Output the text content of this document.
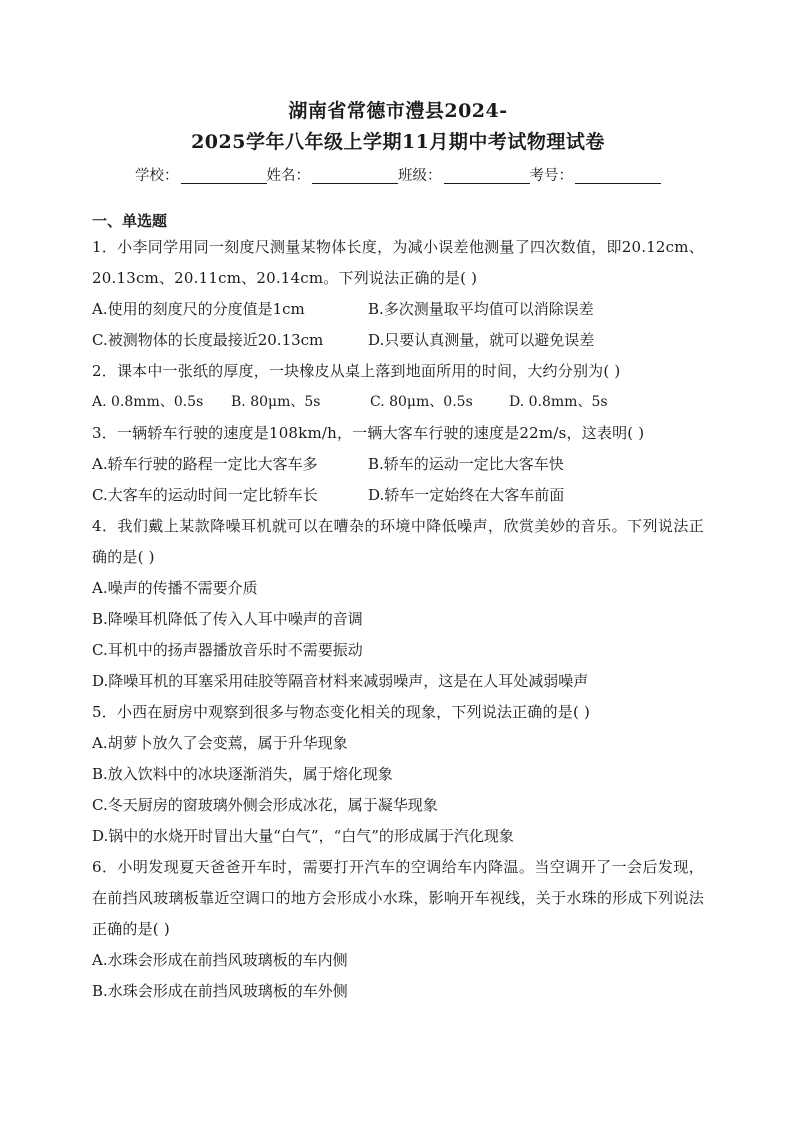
湖南省常德市澧县2024-
2025学年八年级上学期11月期中考试物理试卷
学校：	姓名：	班级：	考号：
一、单选题
1．小李同学用同一刻度尺测量某物体长度，为减小误差他测量了四次数值，即20.12cm、20.13cm、20.11cm、20.14cm。下列说法正确的是( )
A.使用的刻度尺的分度值是1cm	B.多次测量取平均值可以消除误差
C.被测物体的长度最接近20.13cm	D.只要认真测量，就可以避免误差
2．课本中一张纸的厚度，一块橡皮从桌上落到地面所用的时间，大约分别为( )
A. 0.8mm、0.5s	B. 80μm、5s	C. 80μm、0.5s	D. 0.8mm、5s
3．一辆轿车行驶的速度是108km/h，一辆大客车行驶的速度是22m/s，这表明( )
A.轿车行驶的路程一定比大客车多	B.轿车的运动一定比大客车快
C.大客车的运动时间一定比轿车长	D.轿车一定始终在大客车前面
4．我们戴上某款降噪耳机就可以在嘈杂的环境中降低噪声，欣赏美妙的音乐。下列说法正确的是( )
A.噪声的传播不需要介质
B.降噪耳机降低了传入人耳中噪声的音调
C.耳机中的扬声器播放音乐时不需要振动
D.降噪耳机的耳塞采用硅胶等隔音材料来减弱噪声，这是在人耳处减弱噪声
5．小西在厨房中观察到很多与物态变化相关的现象，下列说法正确的是( )
A.胡萝卜放久了会变蔫，属于升华现象
B.放入饮料中的冰块逐渐消失，属于熔化现象
C.冬天厨房的窗玻璃外侧会形成冰花，属于凝华现象
D.锅中的水烧开时冒出大量“白气”，“白气”的形成属于汽化现象
6．小明发现夏天爸爸开车时，需要打开汽车的空调给车内降温。当空调开了一会后发现，在前挡风玻璃板靠近空调口的地方会形成小水珠，影响开车视线，关于水珠的形成下列说法正确的是( )
A.水珠会形成在前挡风玻璃板的车内侧
B.水珠会形成在前挡风玻璃板的车外侧
